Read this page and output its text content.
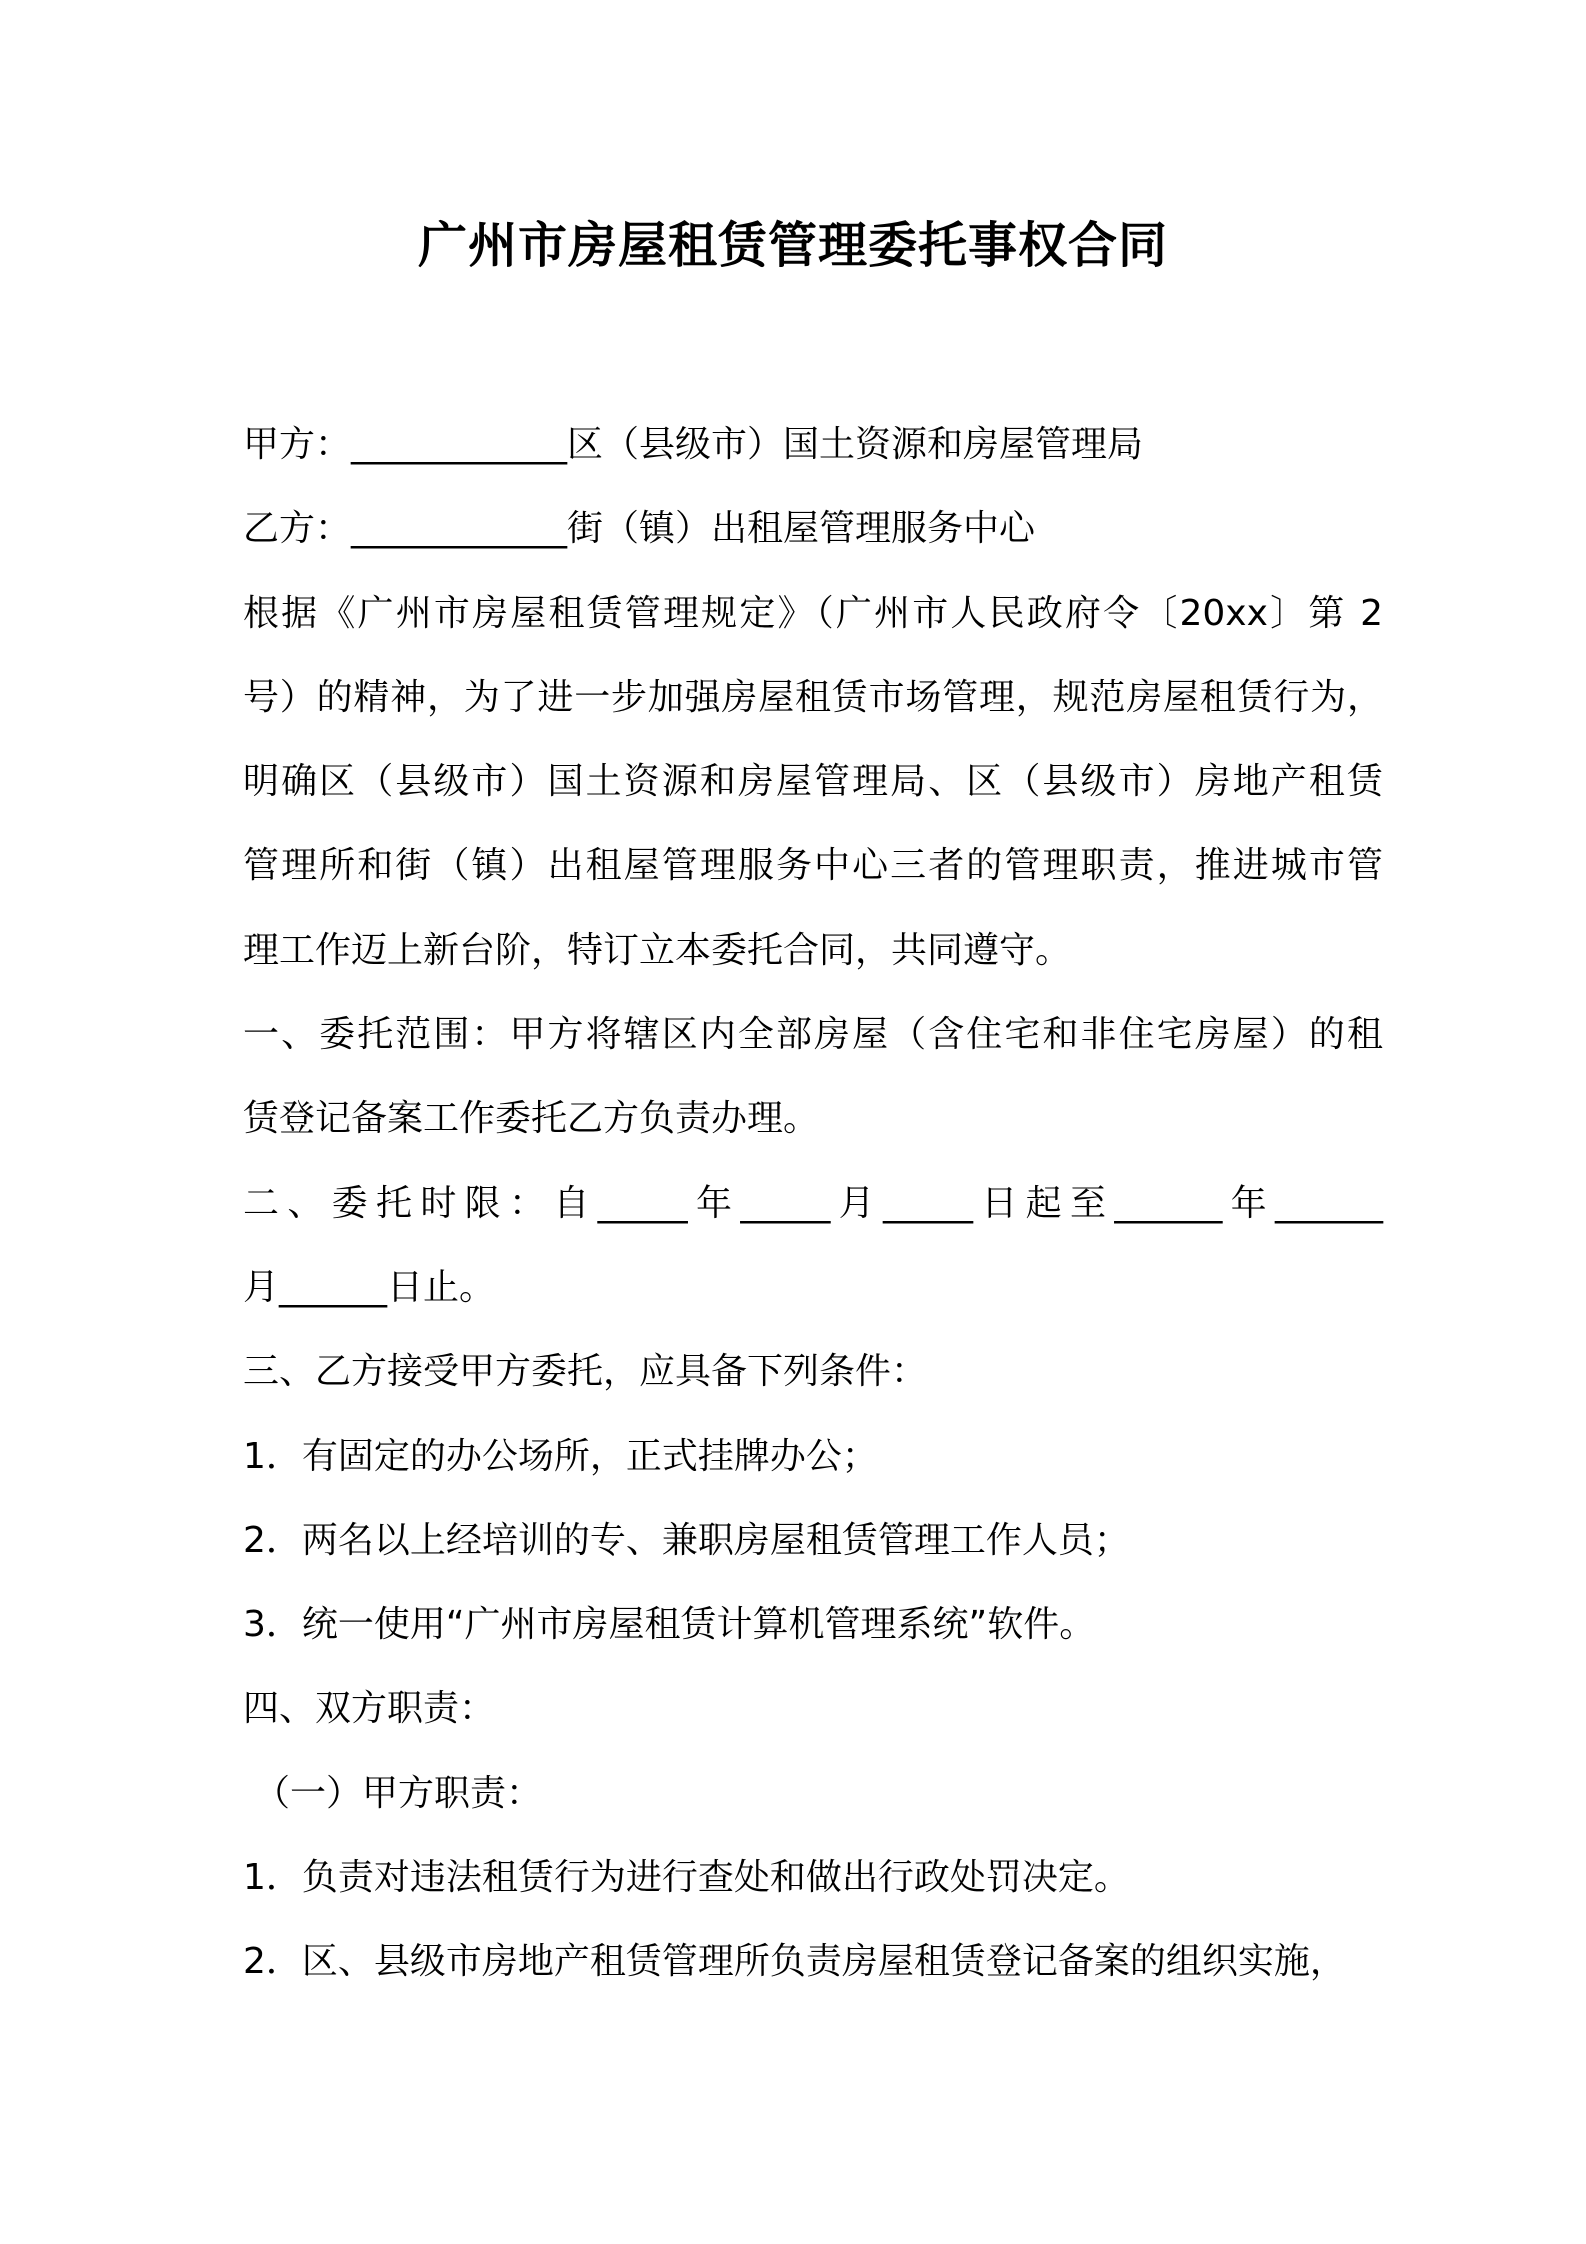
广州市房屋租赁管理委托事权合同
甲方：____________区（县级市）国土资源和房屋管理局
乙方：____________街（镇）出租屋管理服务中心
根据《广州市房屋租赁管理规定》（广州市人民政府令〔20xx〕第 2
号）的精神，为了进一步加强房屋租赁市场管理，规范房屋租赁行为，
明确区（县级市）国土资源和房屋管理局、区（县级市）房地产租赁
管理所和街（镇）出租屋管理服务中心三者的管理职责，推进城市管
理工作迈上新台阶，特订立本委托合同，共同遵守。
一、委托范围：甲方将辖区内全部房屋（含住宅和非住宅房屋）的租
赁登记备案工作委托乙方负责办理。
二、委托时限：自_____年_____月_____日起至______年______
月______日止。
三、乙方接受甲方委托，应具备下列条件：
1．有固定的办公场所，正式挂牌办公；
2．两名以上经培训的专、兼职房屋租赁管理工作人员；
3．统一使用“广州市房屋租赁计算机管理系统”软件。
四、双方职责：
（一）甲方职责：
1．负责对违法租赁行为进行查处和做出行政处罚决定。
2．区、县级市房地产租赁管理所负责房屋租赁登记备案的组织实施，
